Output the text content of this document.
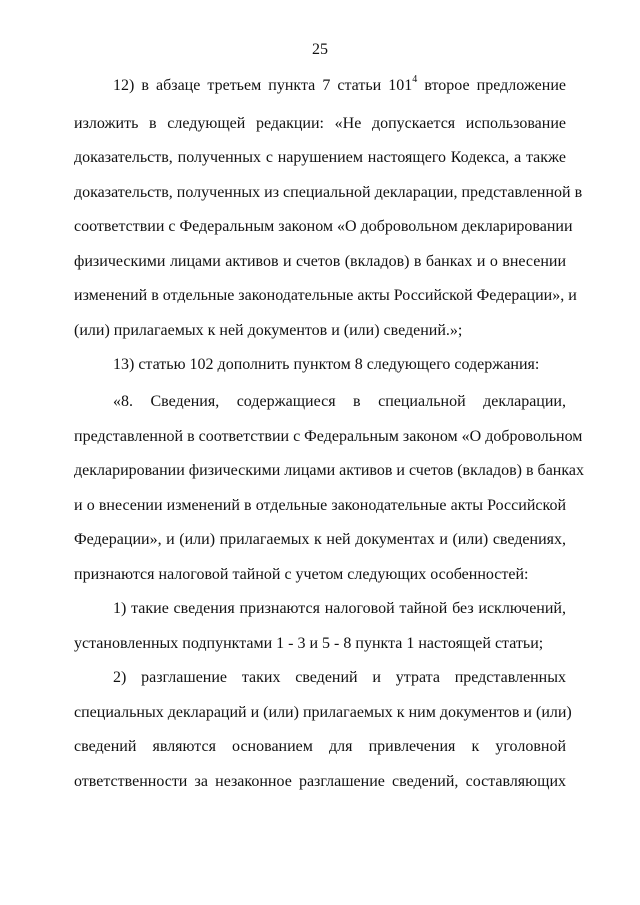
25
12) в абзаце третьем пункта 7 статьи $101^4$ второе предложение
изложить в следующей редакции: «Не допускается использование
доказательств, полученных с нарушением настоящего Кодекса, а также
доказательств, полученных из специальной декларации, представленной в
соответствии с Федеральным законом «О добровольном декларировании
физическими лицами активов и счетов (вкладов) в банках и о внесении
изменений в отдельные законодательные акты Российской Федерации», и
(или) прилагаемых к ней документов и (или) сведений.»;
13) статью 102 дополнить пунктом 8 следующего содержания:
«8. Сведения, содержащиеся в специальной декларации,
представленной в соответствии с Федеральным законом «О добровольном
декларировании физическими лицами активов и счетов (вкладов) в банках
и о внесении изменений в отдельные законодательные акты Российской
Федерации», и (или) прилагаемых к ней документах и (или) сведениях,
признаются налоговой тайной с учетом следующих особенностей:
1) такие сведения признаются налоговой тайной без исключений,
установленных подпунктами 1 - 3 и 5 - 8 пункта 1 настоящей статьи;
2) разглашение таких сведений и утрата представленных
специальных деклараций и (или) прилагаемых к ним документов и (или)
сведений являются основанием для привлечения к уголовной
ответственности за незаконное разглашение сведений, составляющих
